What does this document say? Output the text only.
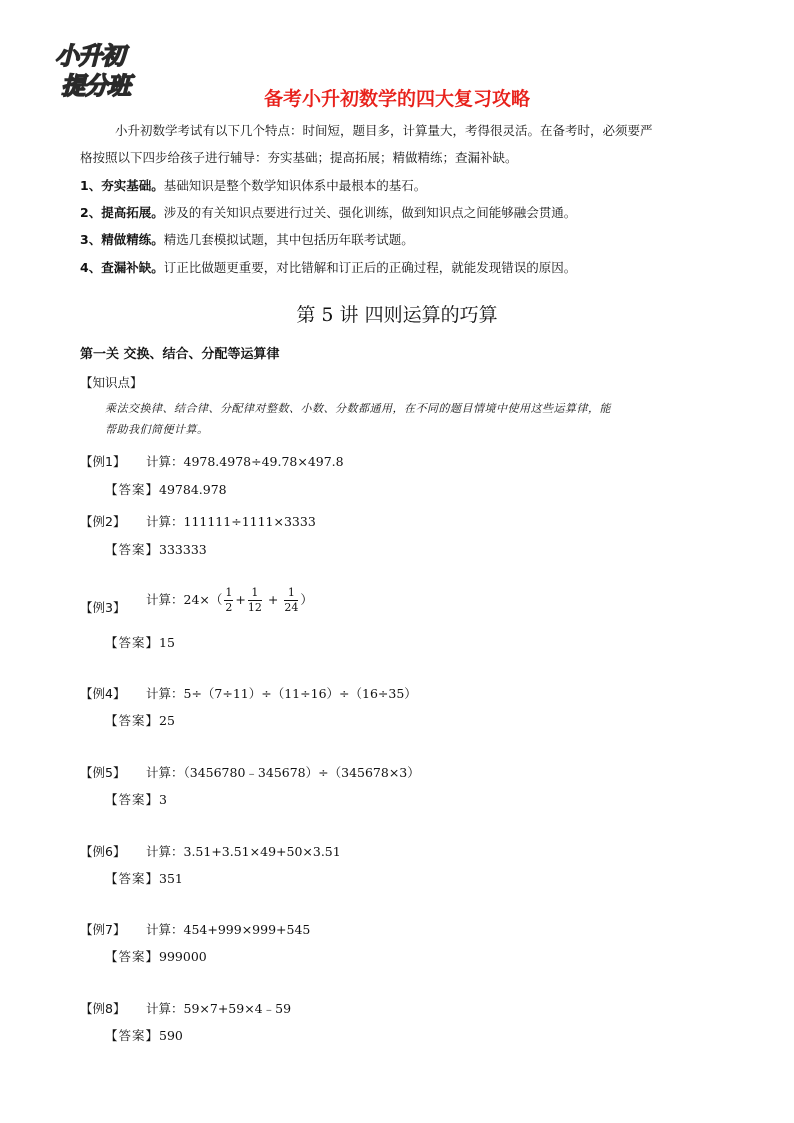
小升初
提分班	备考小升初数学的四大复习攻略
小升初数学考试有以下几个特点：时间短，题目多，计算量大，考得很灵活。在备考时，必须要严
格按照以下四步给孩子进行辅导：夯实基础；提高拓展；精做精练；查漏补缺。
1、夯实基础。基础知识是整个数学知识体系中最根本的基石。
2、提高拓展。涉及的有关知识点要进行过关、强化训练，做到知识点之间能够融会贯通。
3、精做精练。精选几套模拟试题，其中包括历年联考试题。
4、查漏补缺。订正比做题更重要，对比错解和订正后的正确过程，就能发现错误的原因。
第 5 讲 四则运算的巧算
第一关 交换、结合、分配等运算律
【知识点】
乘法交换律、结合律、分配律对整数、小数、分数都通用，在不同的题目情境中使用这些运算律，能
帮助我们简便计算。
【例1】 计算：4978.4978÷49.78×497.8
【答案】49784.978
【例2】 计算：111111÷1111×3333
【答案】333333
【例3】
计算：$24\times( \frac{1}{2} + \frac{1}{12} + \frac{1}{24}$ ）
【答案】15
【例4】 计算：5÷（7÷11）÷（11÷16）÷（16÷35）
【答案】25
【例5】 计算：（3456780﹣345678）÷（345678×3）
【答案】3
【例6】 计算：3.51+3.51×49+50×3.51
【答案】351
【例7】 计算：454+999×999+545
【答案】999000
【例8】 计算：59×7+59×4﹣59
【答案】590
